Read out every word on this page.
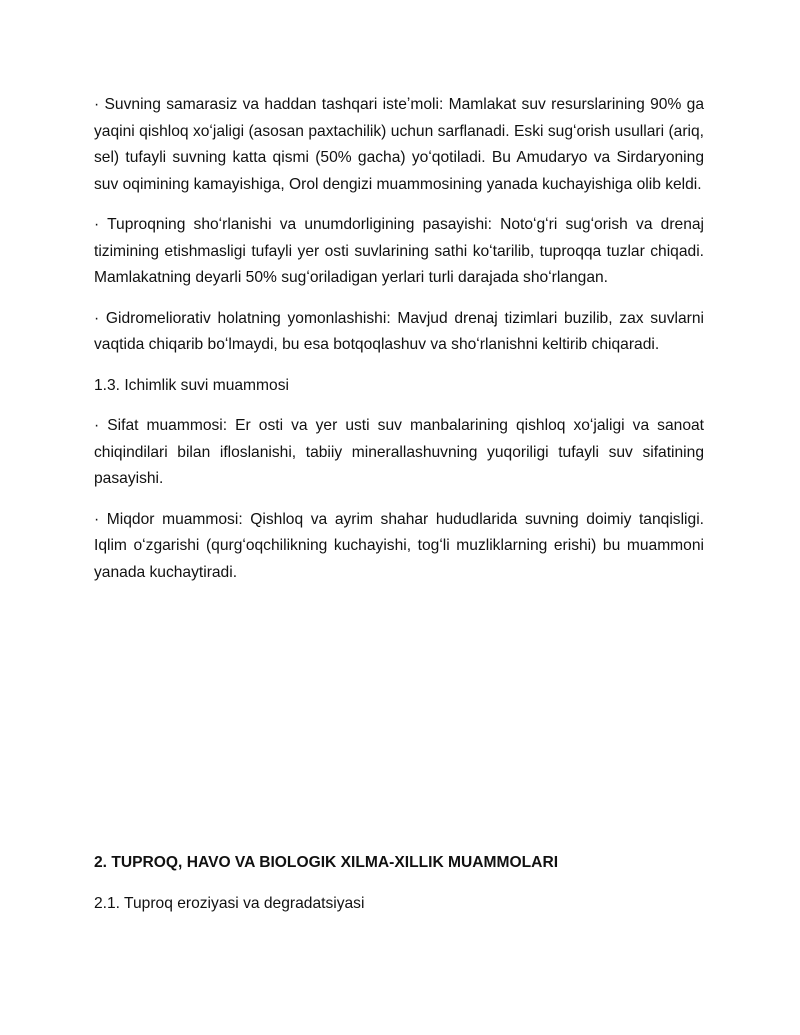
· Suvning samarasiz va haddan tashqari isteʼmoli: Mamlakat suv resurslarining 90% ga yaqini qishloq xoʻjaligi (asosan paxtachilik) uchun sarflanadi. Eski sugʻorish usullari (ariq, sel) tufayli suvning katta qismi (50% gacha) yoʻqotiladi. Bu Amudaryo va Sirdaryoning suv oqimining kamayishiga, Orol dengizi muammosining yanada kuchayishiga olib keldi.

· Tuproqning shoʻrlanishi va unumdorligining pasayishi: Notoʻgʻri sugʻorish va drenaj tizimining etishmasligi tufayli yer osti suvlarining sathi koʻtarilib, tuproqqa tuzlar chiqadi. Mamlakatning deyarli 50% sugʻoriladigan yerlari turli darajada shoʻrlangan.

· Gidromeliorativ holatning yomonlashishi: Mavjud drenaj tizimlari buzilib, zax suvlarni vaqtida chiqarib boʻlmaydi, bu esa botqoqlashuv va shoʻrlanishni keltirib chiqaradi.

1.3. Ichimlik suvi muammosi

· Sifat muammosi: Er osti va yer usti suv manbalarining qishloq xoʻjaligi va sanoat chiqindilari bilan ifloslanishi, tabiiy minerallashuvning yuqoriligi tufayli suv sifatining pasayishi.

· Miqdor muammosi: Qishloq va ayrim shahar hududlarida suvning doimiy tanqisligi. Iqlim oʻzgarishi (qurgʻoqchilikning kuchayishi, togʻli muzliklarning erishi) bu muammoni yanada kuchaytiradi.

2. TUPROQ, HAVO VA BIOLOGIK XILMA-XILLIK MUAMMOLARI

2.1. Tuproq eroziyasi va degradatsiyasi
